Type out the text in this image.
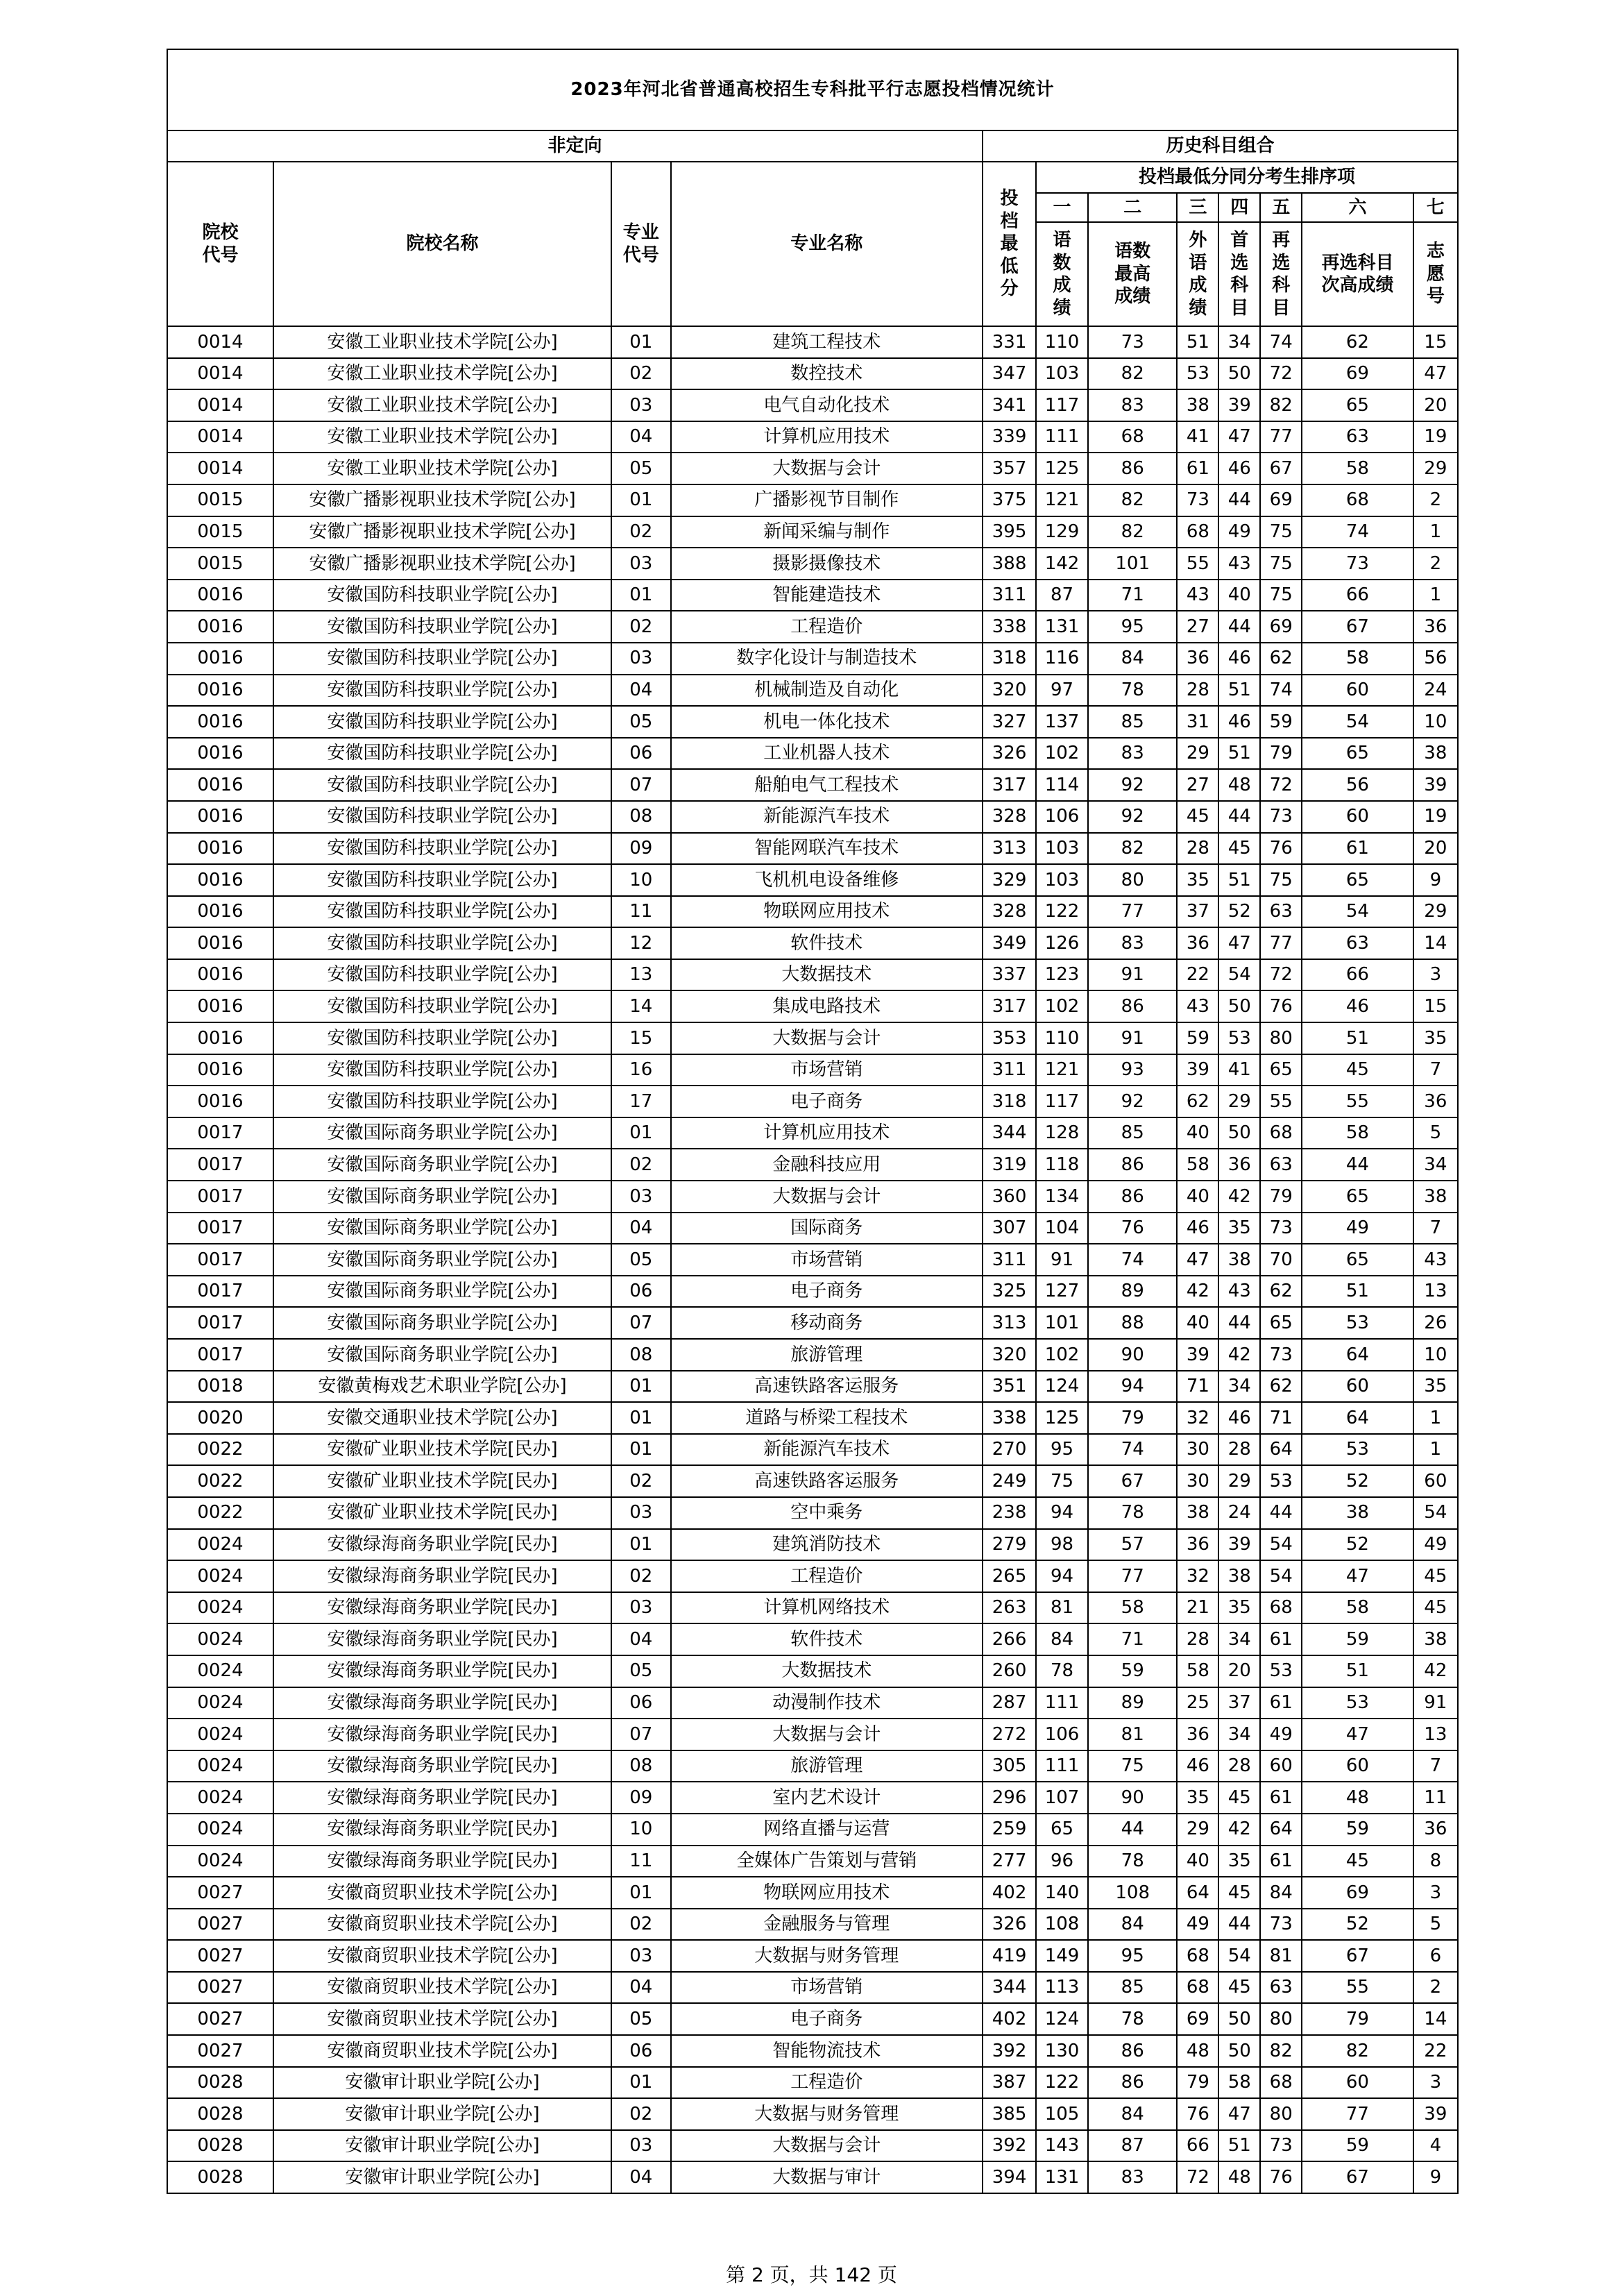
2023年河北省普通高校招生专科批平行志愿投档情况统计											
非定向				历史科目组合							
院校代号	院校名称	专业代号	专业名称	投档最低分	投档最低分同分考生排序项						
					一	二	三	四	五	六	七
					语数成绩	语数最高成绩	外语成绩	首选科目	再选科目	再选科目次高成绩	志愿号

0014	安徽工业职业技术学院[公办]	01	建筑工程技术	331	110	73	51	34	74	62	15
0014	安徽工业职业技术学院[公办]	02	数控技术	347	103	82	53	50	72	69	47
0014	安徽工业职业技术学院[公办]	03	电气自动化技术	341	117	83	38	39	82	65	20
0014	安徽工业职业技术学院[公办]	04	计算机应用技术	339	111	68	41	47	77	63	19
0014	安徽工业职业技术学院[公办]	05	大数据与会计	357	125	86	61	46	67	58	29
0015	安徽广播影视职业技术学院[公办]	01	广播影视节目制作	375	121	82	73	44	69	68	2
0015	安徽广播影视职业技术学院[公办]	02	新闻采编与制作	395	129	82	68	49	75	74	1
0015	安徽广播影视职业技术学院[公办]	03	摄影摄像技术	388	142	101	55	43	75	73	2
0016	安徽国防科技职业学院[公办]	01	智能建造技术	311	87	71	43	40	75	66	1
0016	安徽国防科技职业学院[公办]	02	工程造价	338	131	95	27	44	69	67	36
0016	安徽国防科技职业学院[公办]	03	数字化设计与制造技术	318	116	84	36	46	62	58	56
0016	安徽国防科技职业学院[公办]	04	机械制造及自动化	320	97	78	28	51	74	60	24
0016	安徽国防科技职业学院[公办]	05	机电一体化技术	327	137	85	31	46	59	54	10
0016	安徽国防科技职业学院[公办]	06	工业机器人技术	326	102	83	29	51	79	65	38
0016	安徽国防科技职业学院[公办]	07	船舶电气工程技术	317	114	92	27	48	72	56	39
0016	安徽国防科技职业学院[公办]	08	新能源汽车技术	328	106	92	45	44	73	60	19
0016	安徽国防科技职业学院[公办]	09	智能网联汽车技术	313	103	82	28	45	76	61	20
0016	安徽国防科技职业学院[公办]	10	飞机机电设备维修	329	103	80	35	51	75	65	9
0016	安徽国防科技职业学院[公办]	11	物联网应用技术	328	122	77	37	52	63	54	29
0016	安徽国防科技职业学院[公办]	12	软件技术	349	126	83	36	47	77	63	14
0016	安徽国防科技职业学院[公办]	13	大数据技术	337	123	91	22	54	72	66	3
0016	安徽国防科技职业学院[公办]	14	集成电路技术	317	102	86	43	50	76	46	15
0016	安徽国防科技职业学院[公办]	15	大数据与会计	353	110	91	59	53	80	51	35
0016	安徽国防科技职业学院[公办]	16	市场营销	311	121	93	39	41	65	45	7
0016	安徽国防科技职业学院[公办]	17	电子商务	318	117	92	62	29	55	55	36
0017	安徽国际商务职业学院[公办]	01	计算机应用技术	344	128	85	40	50	68	58	5
0017	安徽国际商务职业学院[公办]	02	金融科技应用	319	118	86	58	36	63	44	34
0017	安徽国际商务职业学院[公办]	03	大数据与会计	360	134	86	40	42	79	65	38
0017	安徽国际商务职业学院[公办]	04	国际商务	307	104	76	46	35	73	49	7
0017	安徽国际商务职业学院[公办]	05	市场营销	311	91	74	47	38	70	65	43
0017	安徽国际商务职业学院[公办]	06	电子商务	325	127	89	42	43	62	51	13
0017	安徽国际商务职业学院[公办]	07	移动商务	313	101	88	40	44	65	53	26
0017	安徽国际商务职业学院[公办]	08	旅游管理	320	102	90	39	42	73	64	10
0018	安徽黄梅戏艺术职业学院[公办]	01	高速铁路客运服务	351	124	94	71	34	62	60	35
0020	安徽交通职业技术学院[公办]	01	道路与桥梁工程技术	338	125	79	32	46	71	64	1
0022	安徽矿业职业技术学院[民办]	01	新能源汽车技术	270	95	74	30	28	64	53	1
0022	安徽矿业职业技术学院[民办]	02	高速铁路客运服务	249	75	67	30	29	53	52	60
0022	安徽矿业职业技术学院[民办]	03	空中乘务	238	94	78	38	24	44	38	54
0024	安徽绿海商务职业学院[民办]	01	建筑消防技术	279	98	57	36	39	54	52	49
0024	安徽绿海商务职业学院[民办]	02	工程造价	265	94	77	32	38	54	47	45
0024	安徽绿海商务职业学院[民办]	03	计算机网络技术	263	81	58	21	35	68	58	45
0024	安徽绿海商务职业学院[民办]	04	软件技术	266	84	71	28	34	61	59	38
0024	安徽绿海商务职业学院[民办]	05	大数据技术	260	78	59	58	20	53	51	42
0024	安徽绿海商务职业学院[民办]	06	动漫制作技术	287	111	89	25	37	61	53	91
0024	安徽绿海商务职业学院[民办]	07	大数据与会计	272	106	81	36	34	49	47	13
0024	安徽绿海商务职业学院[民办]	08	旅游管理	305	111	75	46	28	60	60	7
0024	安徽绿海商务职业学院[民办]	09	室内艺术设计	296	107	90	35	45	61	48	11
0024	安徽绿海商务职业学院[民办]	10	网络直播与运营	259	65	44	29	42	64	59	36
0024	安徽绿海商务职业学院[民办]	11	全媒体广告策划与营销	277	96	78	40	35	61	45	8
0027	安徽商贸职业技术学院[公办]	01	物联网应用技术	402	140	108	64	45	84	69	3
0027	安徽商贸职业技术学院[公办]	02	金融服务与管理	326	108	84	49	44	73	52	5
0027	安徽商贸职业技术学院[公办]	03	大数据与财务管理	419	149	95	68	54	81	67	6
0027	安徽商贸职业技术学院[公办]	04	市场营销	344	113	85	68	45	63	55	2
0027	安徽商贸职业技术学院[公办]	05	电子商务	402	124	78	69	50	80	79	14
0027	安徽商贸职业技术学院[公办]	06	智能物流技术	392	130	86	48	50	82	82	22
0028	安徽审计职业学院[公办]	01	工程造价	387	122	86	79	58	68	60	3
0028	安徽审计职业学院[公办]	02	大数据与财务管理	385	105	84	76	47	80	77	39
0028	安徽审计职业学院[公办]	03	大数据与会计	392	143	87	66	51	73	59	4
0028	安徽审计职业学院[公办]	04	大数据与审计	394	131	83	72	48	76	67	9
第 2 页，共 142 页
